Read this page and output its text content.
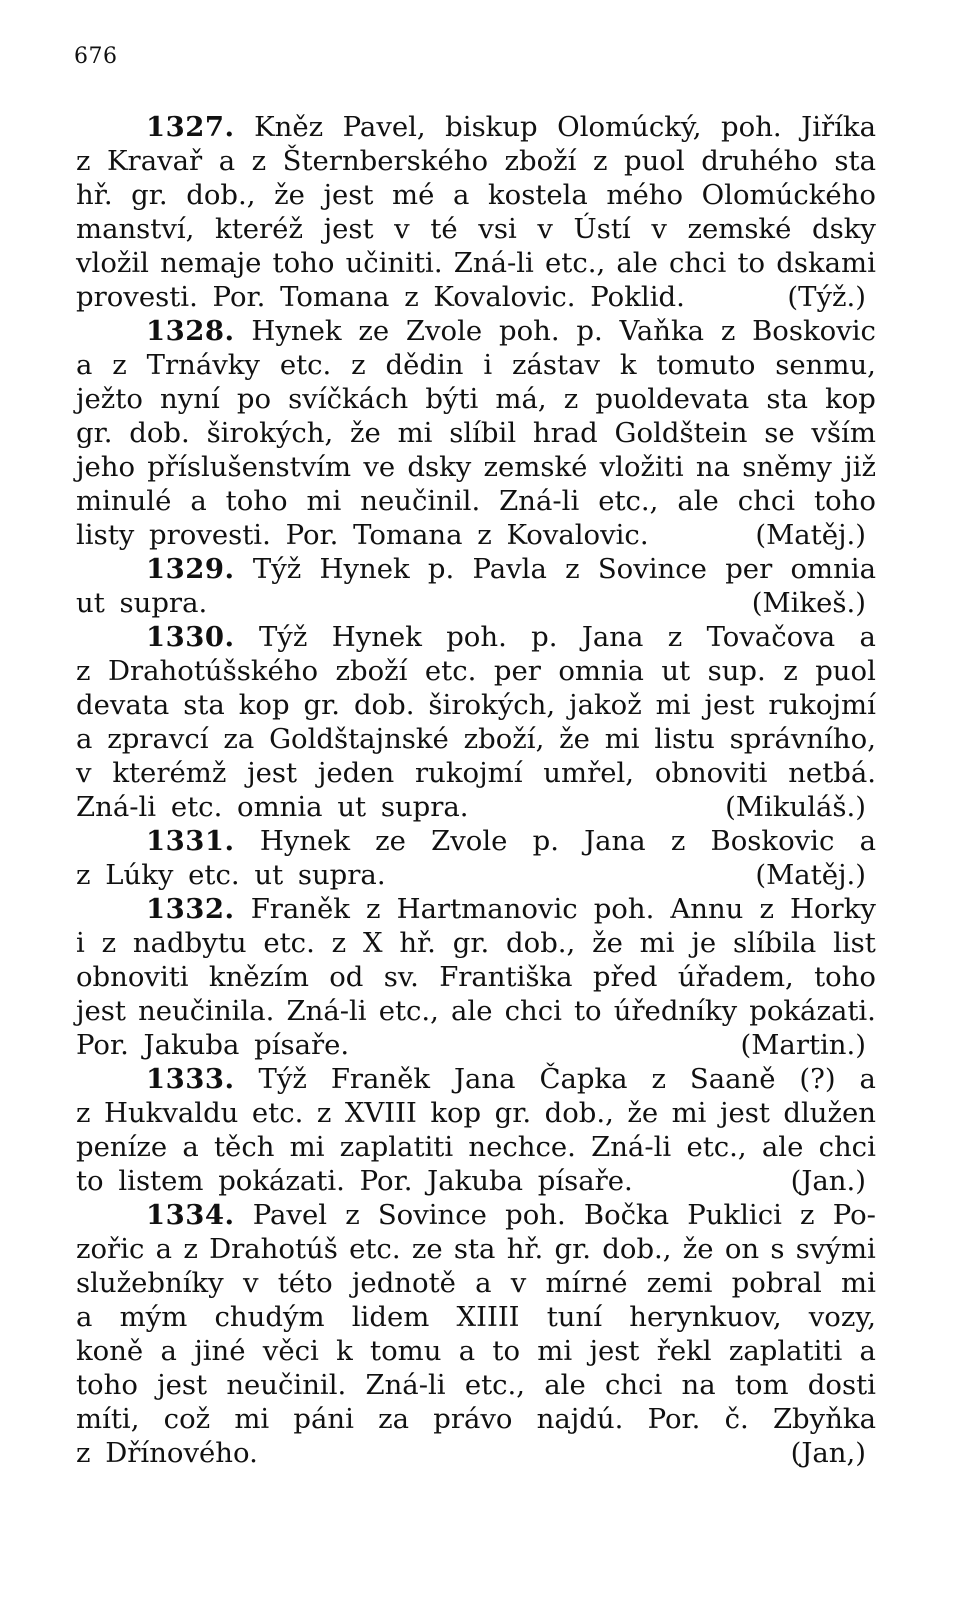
676
1327. Kněz Pavel, biskup Olomúcký, poh. Jiříka
z Kravař a z Šternberského zboží z puol druhého sta
hř. gr. dob., že jest mé a kostela mého Olomúckého
manství, kteréž jest v té vsi v Ústí v zemské dsky
vložil nemaje toho učiniti. Zná-li etc., ale chci to dskami
provesti. Por. Tomana z Kovalovic. Poklid.	(Týž.)
1328. Hynek ze Zvole poh. p. Vaňka z Boskovic
a z Trnávky etc. z dědin i zástav k tomuto senmu,
ježto nyní po svíčkách býti má, z puoldevata sta kop
gr. dob. širokých, že mi slíbil hrad Goldštein se vším
jeho příslušenstvím ve dsky zemské vložiti na sněmy již
minulé a toho mi neučinil. Zná-li etc., ale chci toho
listy provesti. Por. Tomana z Kovalovic.	(Matěj.)
1329. Týž Hynek p. Pavla z Sovince per omnia
ut supra.	(Mikeš.)
1330. Týž Hynek poh. p. Jana z Tovačova a
z Drahotúšského zboží etc. per omnia ut sup. z puol
devata sta kop gr. dob. širokých, jakož mi jest rukojmí
a zpravcí za Goldštajnské zboží, že mi listu správního,
v kterémž jest jeden rukojmí umřel, obnoviti netbá.
Zná-li etc. omnia ut supra.	(Mikuláš.)
1331. Hynek ze Zvole p. Jana z Boskovic a
z Lúky etc. ut supra.	(Matěj.)
1332. Franěk z Hartmanovic poh. Annu z Horky
i z nadbytu etc. z X hř. gr. dob., že mi je slíbila list
obnoviti knězím od sv. Františka před úřadem, toho
jest neučinila. Zná-li etc., ale chci to úředníky pokázati.
Por. Jakuba písaře.	(Martin.)
1333. Týž Franěk Jana Čapka z Saaně (?) a
z Hukvaldu etc. z XVIII kop gr. dob., že mi jest dlužen
peníze a těch mi zaplatiti nechce. Zná-li etc., ale chci
to listem pokázati. Por. Jakuba písaře.	(Jan.)
1334. Pavel z Sovince poh. Bočka Puklici z Po-
zořic a z Drahotúš etc. ze sta hř. gr. dob., že on s svými
služebníky v této jednotě a v mírné zemi pobral mi
a mým chudým lidem XIIII tuní herynkuov, vozy,
koně a jiné věci k tomu a to mi jest řekl zaplatiti a
toho jest neučinil. Zná-li etc., ale chci na tom dosti
míti, což mi páni za právo najdú. Por. č. Zbyňka
z Dřínového.	(Jan,)
